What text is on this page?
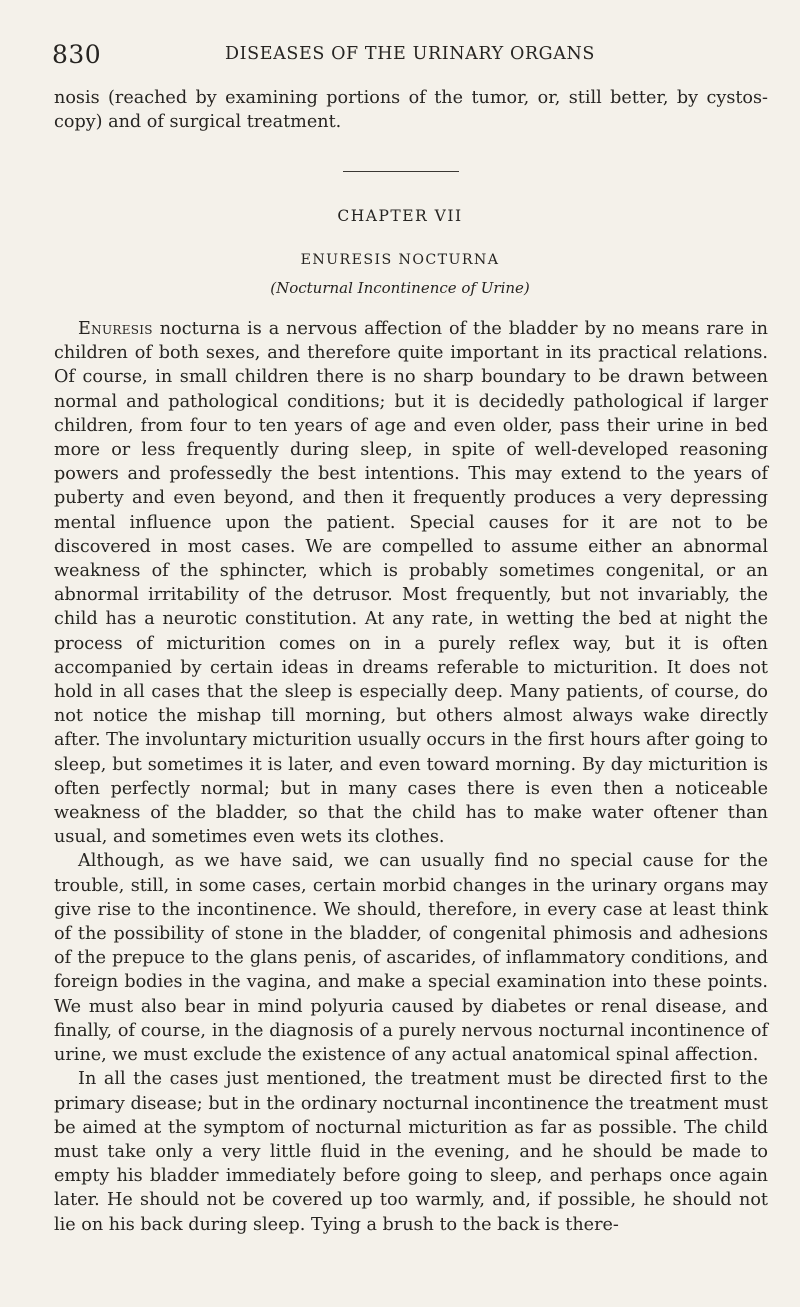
830	DISEASES OF THE URINARY ORGANS
nosis (reached by examining portions of the tumor, or, still better, by cystos-copy) and of surgical treatment.
CHAPTER VII
ENURESIS NOCTURNA
(Nocturnal Incontinence of Urine)

Enuresis nocturna is a nervous affection of the bladder by no means rare in children of both sexes, and therefore quite important in its practical relations. Of course, in small children there is no sharp boundary to be drawn between normal and pathological conditions; but it is decidedly pathological if larger children, from four to ten years of age and even older, pass their urine in bed more or less frequently during sleep, in spite of well-developed reasoning powers and professedly the best intentions. This may extend to the years of puberty and even beyond, and then it frequently produces a very depressing mental influence upon the patient. Special causes for it are not to be discovered in most cases. We are compelled to assume either an abnormal weakness of the sphincter, which is probably sometimes congenital, or an abnormal irritability of the detrusor. Most frequently, but not invariably, the child has a neurotic constitution. At any rate, in wetting the bed at night the process of micturition comes on in a purely reflex way, but it is often accompanied by certain ideas in dreams referable to micturition. It does not hold in all cases that the sleep is especially deep. Many patients, of course, do not notice the mishap till morning, but others almost always wake directly after. The involuntary micturition usually occurs in the first hours after going to sleep, but sometimes it is later, and even toward morning. By day micturition is often perfectly normal; but in many cases there is even then a noticeable weakness of the bladder, so that the child has to make water oftener than usual, and sometimes even wets its clothes.

Although, as we have said, we can usually find no special cause for the trouble, still, in some cases, certain morbid changes in the urinary organs may give rise to the incontinence. We should, therefore, in every case at least think of the possibility of stone in the bladder, of congenital phimosis and adhesions of the prepuce to the glans penis, of ascarides, of inflammatory conditions, and foreign bodies in the vagina, and make a special examination into these points. We must also bear in mind polyuria caused by diabetes or renal disease, and finally, of course, in the diagnosis of a purely nervous nocturnal incontinence of urine, we must exclude the existence of any actual anatomical spinal affection.

In all the cases just mentioned, the treatment must be directed first to the primary disease; but in the ordinary nocturnal incontinence the treatment must be aimed at the symptom of nocturnal micturition as far as possible. The child must take only a very little fluid in the evening, and he should be made to empty his bladder immediately before going to sleep, and perhaps once again later. He should not be covered up too warmly, and, if possible, he should not lie on his back during sleep. Tying a brush to the back is there-
